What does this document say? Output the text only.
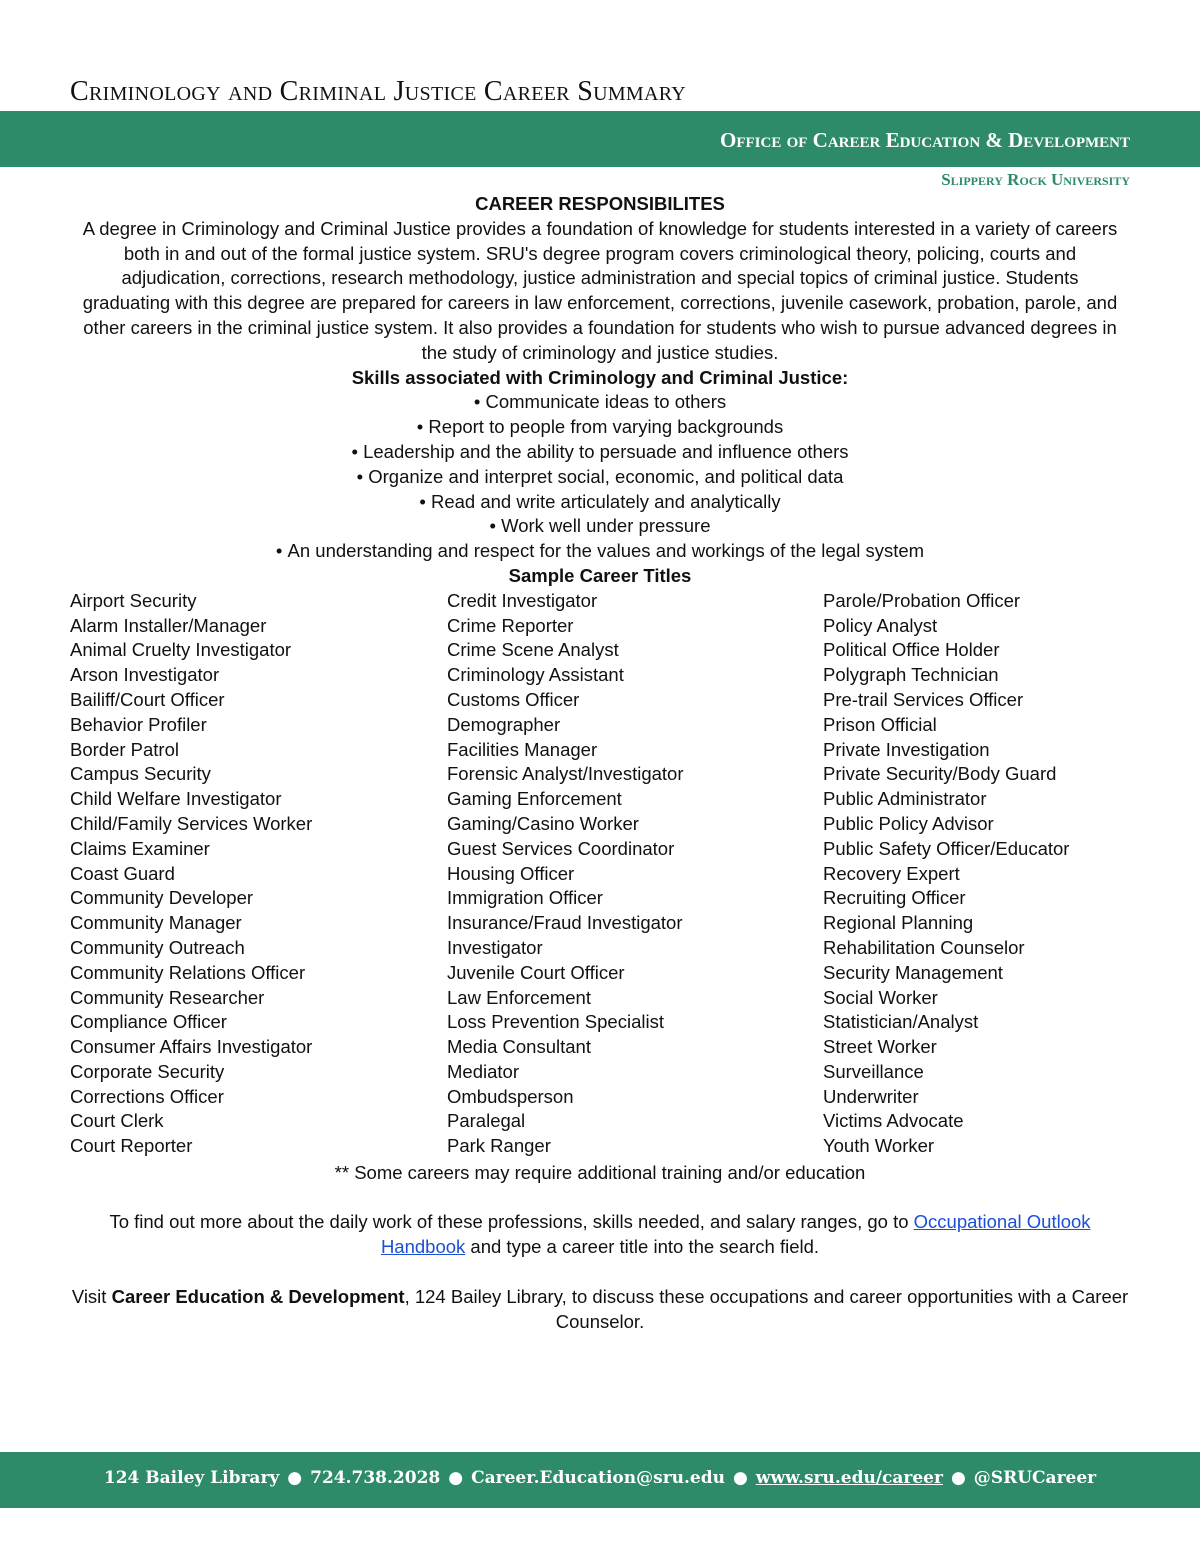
Criminology and Criminal Justice Career Summary
Office of Career Education & Development
Slippery Rock University

CAREER RESPONSIBILITES

A degree in Criminology and Criminal Justice provides a foundation of knowledge for students interested in a variety of careers both in and out of the formal justice system. SRU's degree program covers criminological theory, policing, courts and adjudication, corrections, research methodology, justice administration and special topics of criminal justice. Students graduating with this degree are prepared for careers in law enforcement, corrections, juvenile casework, probation, parole, and other careers in the criminal justice system. It also provides a foundation for students who wish to pursue advanced degrees in the study of criminology and justice studies.

Skills associated with Criminology and Criminal Justice:

• Communicate ideas to others
• Report to people from varying backgrounds
• Leadership and the ability to persuade and influence others
• Organize and interpret social, economic, and political data
• Read and write articulately and analytically
• Work well under pressure
• An understanding and respect for the values and workings of the legal system

Sample Career Titles

Airport Security
Alarm Installer/Manager
Animal Cruelty Investigator
Arson Investigator
Bailiff/Court Officer
Behavior Profiler
Border Patrol
Campus Security
Child Welfare Investigator
Child/Family Services Worker
Claims Examiner
Coast Guard
Community Developer
Community Manager
Community Outreach
Community Relations Officer
Community Researcher
Compliance Officer
Consumer Affairs Investigator
Corporate Security
Corrections Officer
Court Clerk
Court Reporter
Credit Investigator
Crime Reporter
Crime Scene Analyst
Criminology Assistant
Customs Officer
Demographer
Facilities Manager
Forensic Analyst/Investigator
Gaming Enforcement
Gaming/Casino Worker
Guest Services Coordinator
Housing Officer
Immigration Officer
Insurance/Fraud Investigator
Investigator
Juvenile Court Officer
Law Enforcement
Loss Prevention Specialist
Media Consultant
Mediator
Ombudsperson
Paralegal
Park Ranger
Parole/Probation Officer
Policy Analyst
Political Office Holder
Polygraph Technician
Pre-trail Services Officer
Prison Official
Private Investigation
Private Security/Body Guard
Public Administrator
Public Policy Advisor
Public Safety Officer/Educator
Recovery Expert
Recruiting Officer
Regional Planning
Rehabilitation Counselor
Security Management
Social Worker
Statistician/Analyst
Street Worker
Surveillance
Underwriter
Victims Advocate
Youth Worker

** Some careers may require additional training and/or education

To find out more about the daily work of these professions, skills needed, and salary ranges, go to Occupational Outlook Handbook and type a career title into the search field.

Visit Career Education & Development, 124 Bailey Library, to discuss these occupations and career opportunities with a Career Counselor.

124 Bailey Library ● 724.738.2028 ● Career.Education@sru.edu ● www.sru.edu/career ● @SRUCareer
